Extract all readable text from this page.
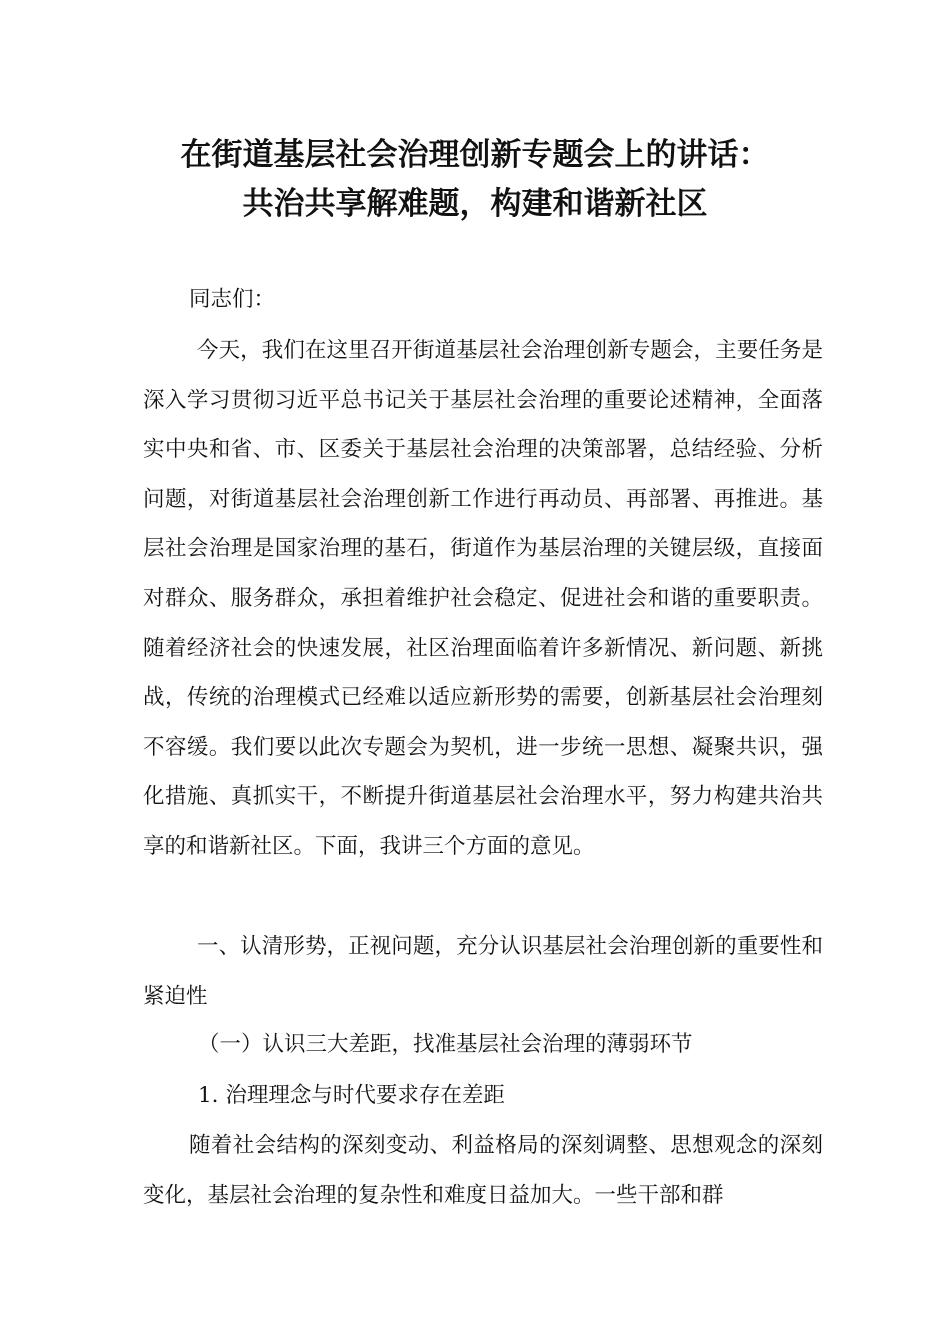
在街道基层社会治理创新专题会上的讲话：
共治共享解难题，构建和谐新社区

同志们：

今天，我们在这里召开街道基层社会治理创新专题会，主要任务是深入学习贯彻习近平总书记关于基层社会治理的重要论述精神，全面落实中央和省、市、区委关于基层社会治理的决策部署，总结经验、分析问题，对街道基层社会治理创新工作进行再动员、再部署、再推进。基层社会治理是国家治理的基石，街道作为基层治理的关键层级，直接面对群众、服务群众，承担着维护社会稳定、促进社会和谐的重要职责。随着经济社会的快速发展，社区治理面临着许多新情况、新问题、新挑战，传统的治理模式已经难以适应新形势的需要，创新基层社会治理刻不容缓。我们要以此次专题会为契机，进一步统一思想、凝聚共识，强化措施、真抓实干，不断提升街道基层社会治理水平，努力构建共治共享的和谐新社区。下面，我讲三个方面的意见。

一、认清形势，正视问题，充分认识基层社会治理创新的重要性和紧迫性

（一）认识三大差距，找准基层社会治理的薄弱环节

1. 治理理念与时代要求存在差距

随着社会结构的深刻变动、利益格局的深刻调整、思想观念的深刻变化，基层社会治理的复杂性和难度日益加大。一些干部和群
